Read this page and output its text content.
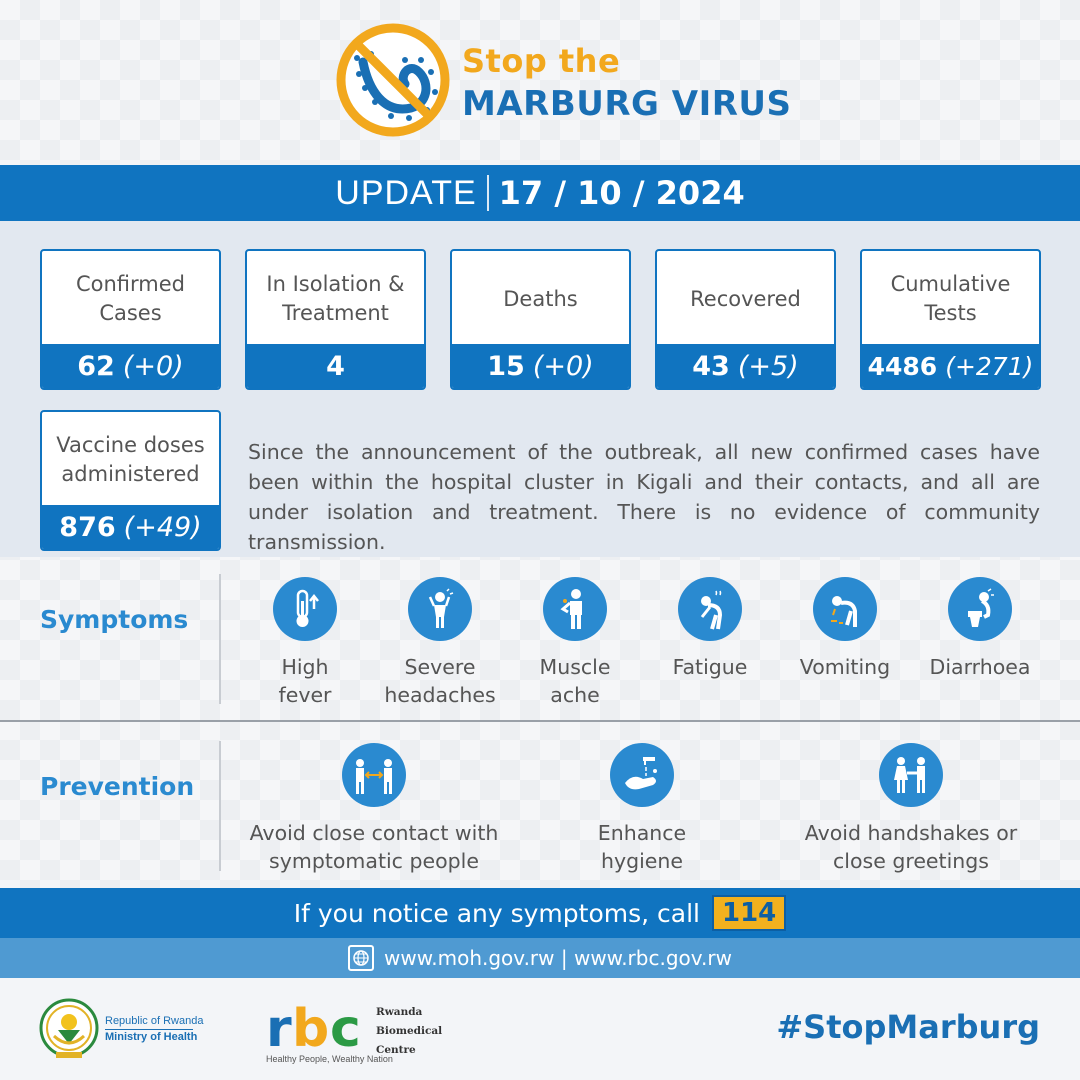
Stop the
MARBURG VIRUS
UPDATE 17 / 10 / 2024
Confirmed Cases
62 (+0)
In Isolation & Treatment
4
Deaths
15 (+0)
Recovered
43 (+5)
Cumulative Tests
4486 (+271)
Vaccine doses administered
876 (+49)
Since the announcement of the outbreak, all new confirmed cases have been within the hospital cluster in Kigali and their contacts, and all are under isolation and treatment. There is no evidence of community transmission.
Symptoms
High fever
Severe headaches
Muscle ache
Fatigue	Vomiting	Diarrhoea
Prevention
Avoid close contact with symptomatic people
Enhance hygiene
Avoid handshakes or close greetings
If you notice any symptoms, call 114
www.moh.gov.rw | www.rbc.gov.rw
Republic of Rwanda
Ministry of Health r b c Rwanda
Biomedical
Centre
Healthy People, Wealthy Nation
#StopMarburg
